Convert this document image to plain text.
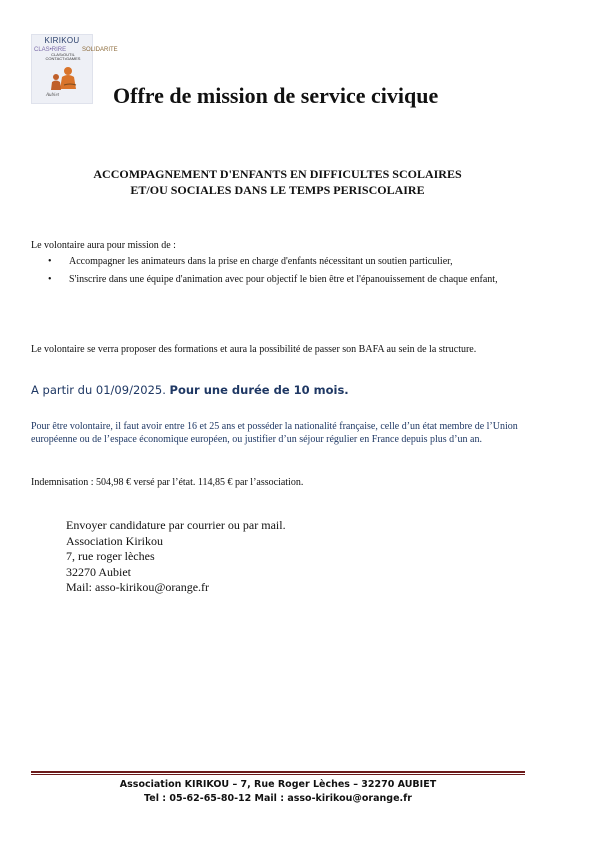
KIRIKOU
CLAS•RIRE	SOLIDARITE
CLAS•OUTIL CONTACT•GAMES
Aubiet Offre de mission de service civique
ACCOMPAGNEMENT D'ENFANTS EN DIFFICULTES SCOLAIRES
ET/OU SOCIALES DANS LE TEMPS PERISCOLAIRE
Le volontaire aura pour mission de :
• Accompagner les animateurs dans la prise en charge d'enfants nécessitant un soutien particulier,
• S'inscrire dans une équipe d'animation avec pour objectif le bien être et l'épanouissement de chaque enfant,
Le volontaire se verra proposer des formations et aura la possibilité de passer son BAFA au sein de la structure.
A partir du 01/09/2025. Pour une durée de 10 mois.
Pour être volontaire, il faut avoir entre 16 et 25 ans et posséder la nationalité française, celle d’un état membre de l’Union européenne ou de l’espace économique européen, ou justifier d’un séjour régulier en France depuis plus d’un an.
Indemnisation : 504,98 € versé par l’état. 114,85 € par l’association.
Envoyer candidature par courrier ou par mail.
Association Kirikou
7, rue roger lèches
32270 Aubiet
Mail: asso-kirikou@orange.fr
Association KIRIKOU – 7, Rue Roger Lèches – 32270 AUBIET
Tel : 05-62-65-80-12 Mail : asso-kirikou@orange.fr
